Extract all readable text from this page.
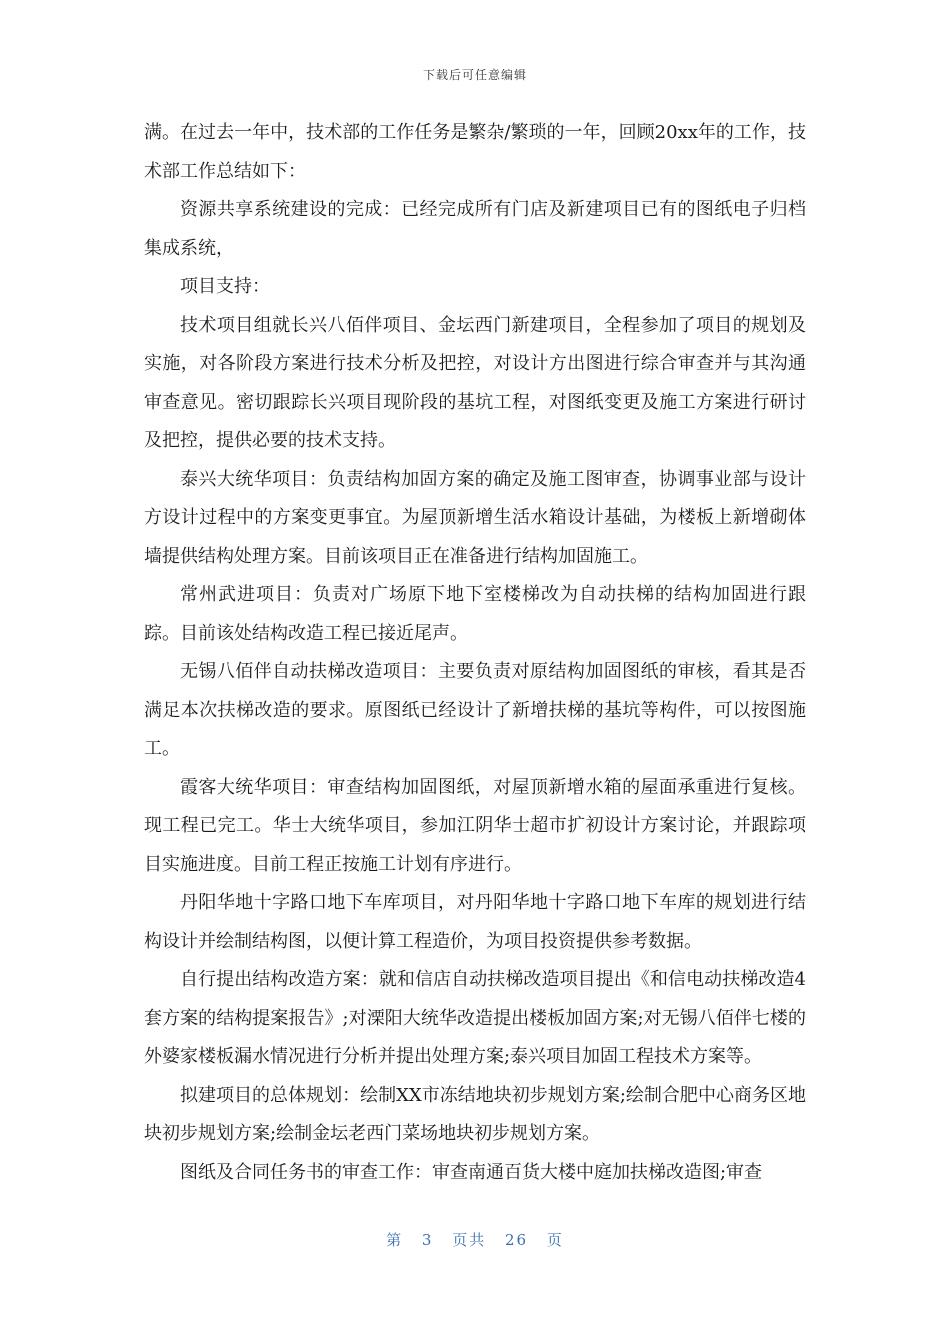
下载后可任意编辑

满。在过去一年中，技术部的工作任务是繁杂/繁琐的一年，回顾20xx年的工作，技术部工作总结如下：

资源共享系统建设的完成：已经完成所有门店及新建项目已有的图纸电子归档集成系统，

项目支持：

技术项目组就长兴八佰伴项目、金坛西门新建项目，全程参加了项目的规划及实施，对各阶段方案进行技术分析及把控，对设计方出图进行综合审查并与其沟通审查意见。密切跟踪长兴项目现阶段的基坑工程，对图纸变更及施工方案进行研讨及把控，提供必要的技术支持。

泰兴大统华项目：负责结构加固方案的确定及施工图审查，协调事业部与设计方设计过程中的方案变更事宜。为屋顶新增生活水箱设计基础，为楼板上新增砌体墙提供结构处理方案。目前该项目正在准备进行结构加固施工。

常州武进项目：负责对广场原下地下室楼梯改为自动扶梯的结构加固进行跟踪。目前该处结构改造工程已接近尾声。

无锡八佰伴自动扶梯改造项目：主要负责对原结构加固图纸的审核，看其是否满足本次扶梯改造的要求。原图纸已经设计了新增扶梯的基坑等构件，可以按图施工。

霞客大统华项目：审查结构加固图纸，对屋顶新增水箱的屋面承重进行复核。现工程已完工。华士大统华项目，参加江阴华士超市扩初设计方案讨论，并跟踪项目实施进度。目前工程正按施工计划有序进行。

丹阳华地十字路口地下车库项目，对丹阳华地十字路口地下车库的规划进行结构设计并绘制结构图，以便计算工程造价，为项目投资提供参考数据。

自行提出结构改造方案：就和信店自动扶梯改造项目提出《和信电动扶梯改造4套方案的结构提案报告》;对溧阳大统华改造提出楼板加固方案;对无锡八佰伴七楼的外婆家楼板漏水情况进行分析并提出处理方案;泰兴项目加固工程技术方案等。

拟建项目的总体规划：绘制XX市冻结地块初步规划方案;绘制合肥中心商务区地块初步规划方案;绘制金坛老西门菜场地块初步规划方案。

图纸及合同任务书的审查工作：审查南通百货大楼中庭加扶梯改造图;审查

第 3 页共 26 页
